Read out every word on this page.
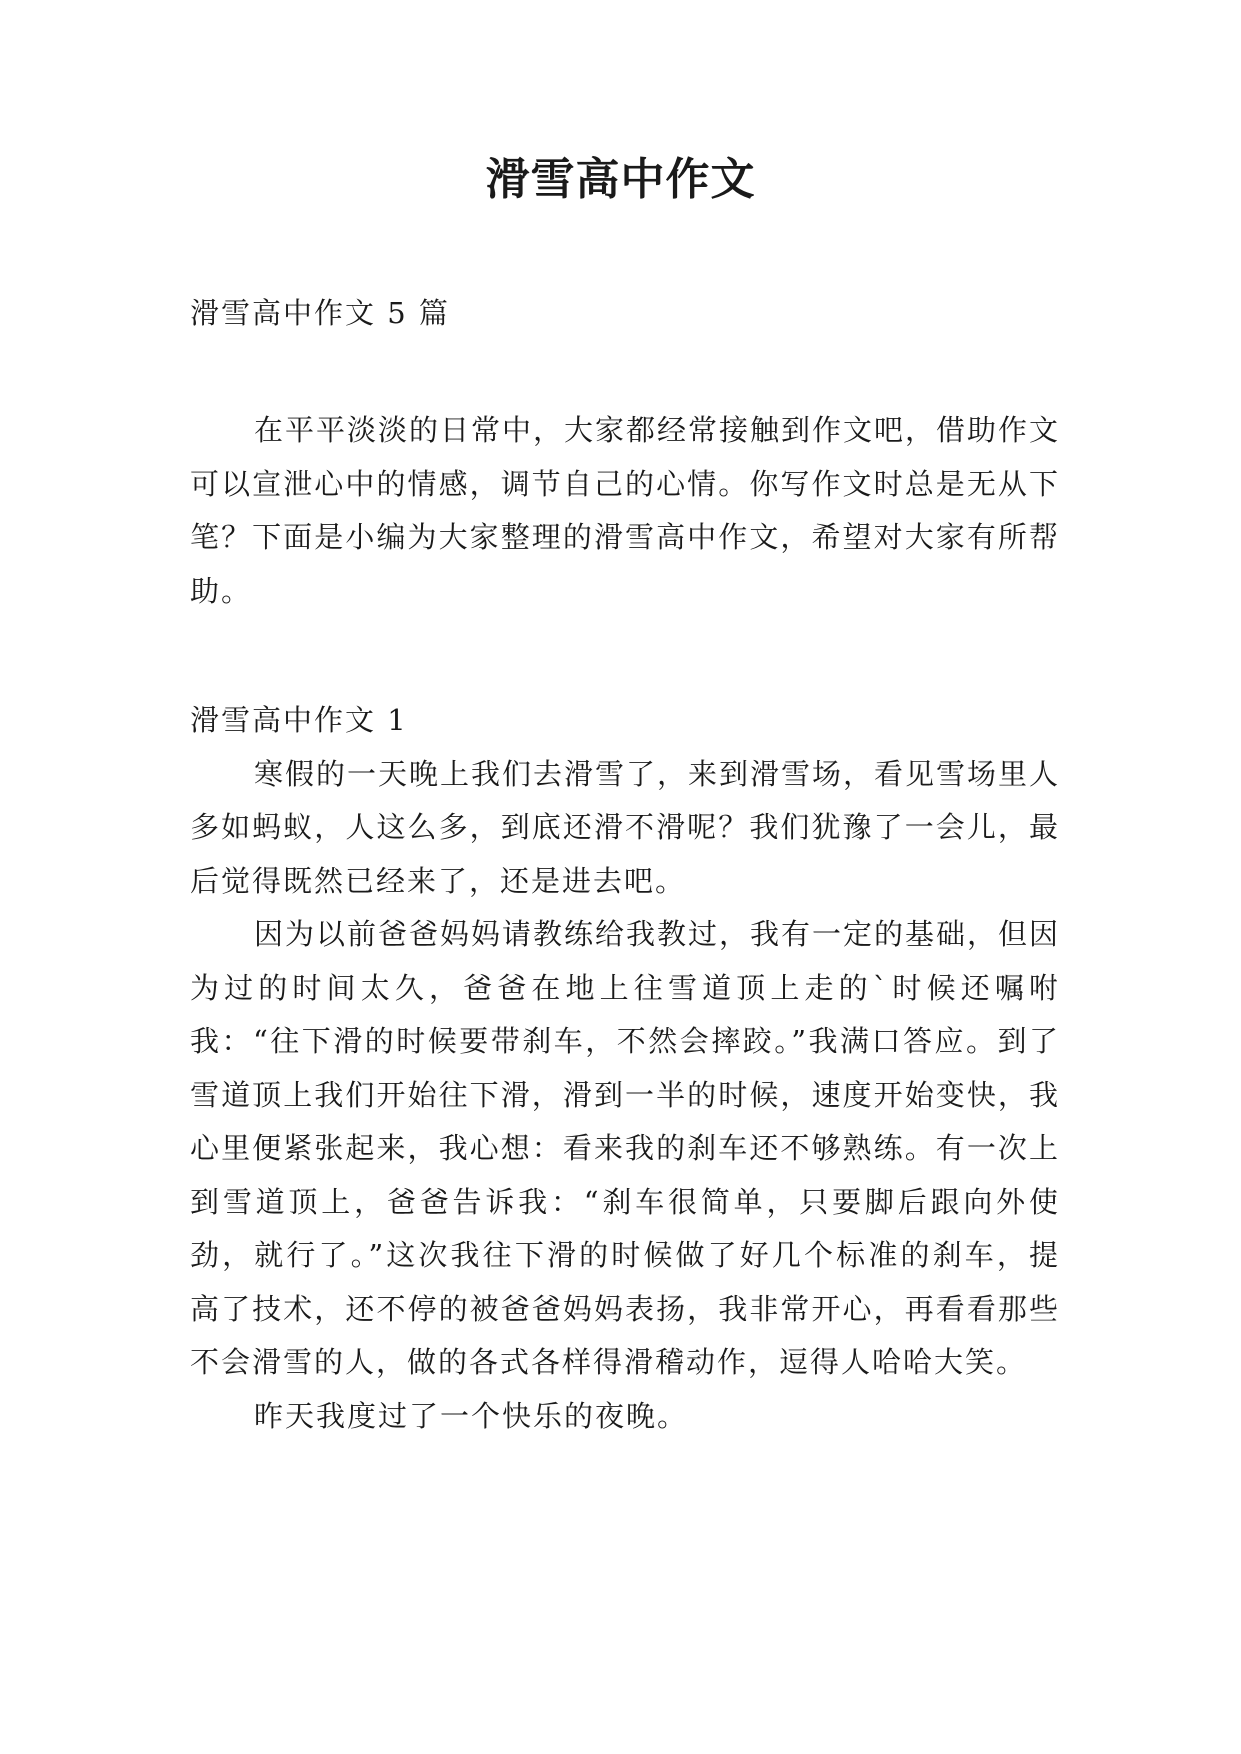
滑雪高中作文

滑雪高中作文 5 篇

在平平淡淡的日常中，大家都经常接触到作文吧，借助作文可以宣泄心中的情感，调节自己的心情。你写作文时总是无从下笔？下面是小编为大家整理的滑雪高中作文，希望对大家有所帮助。

滑雪高中作文 1

寒假的一天晚上我们去滑雪了，来到滑雪场，看见雪场里人多如蚂蚁，人这么多，到底还滑不滑呢？我们犹豫了一会儿，最后觉得既然已经来了，还是进去吧。

因为以前爸爸妈妈请教练给我教过，我有一定的基础，但因为过的时间太久，爸爸在地上往雪道顶上走的`时候还嘱咐我：“往下滑的时候要带刹车，不然会摔跤。”我满口答应。到了雪道顶上我们开始往下滑，滑到一半的时候，速度开始变快，我心里便紧张起来，我心想：看来我的刹车还不够熟练。有一次上到雪道顶上，爸爸告诉我：“刹车很简单，只要脚后跟向外使劲，就行了。”这次我往下滑的时候做了好几个标准的刹车，提高了技术，还不停的被爸爸妈妈表扬，我非常开心，再看看那些不会滑雪的人，做的各式各样得滑稽动作，逗得人哈哈大笑。

昨天我度过了一个快乐的夜晚。
